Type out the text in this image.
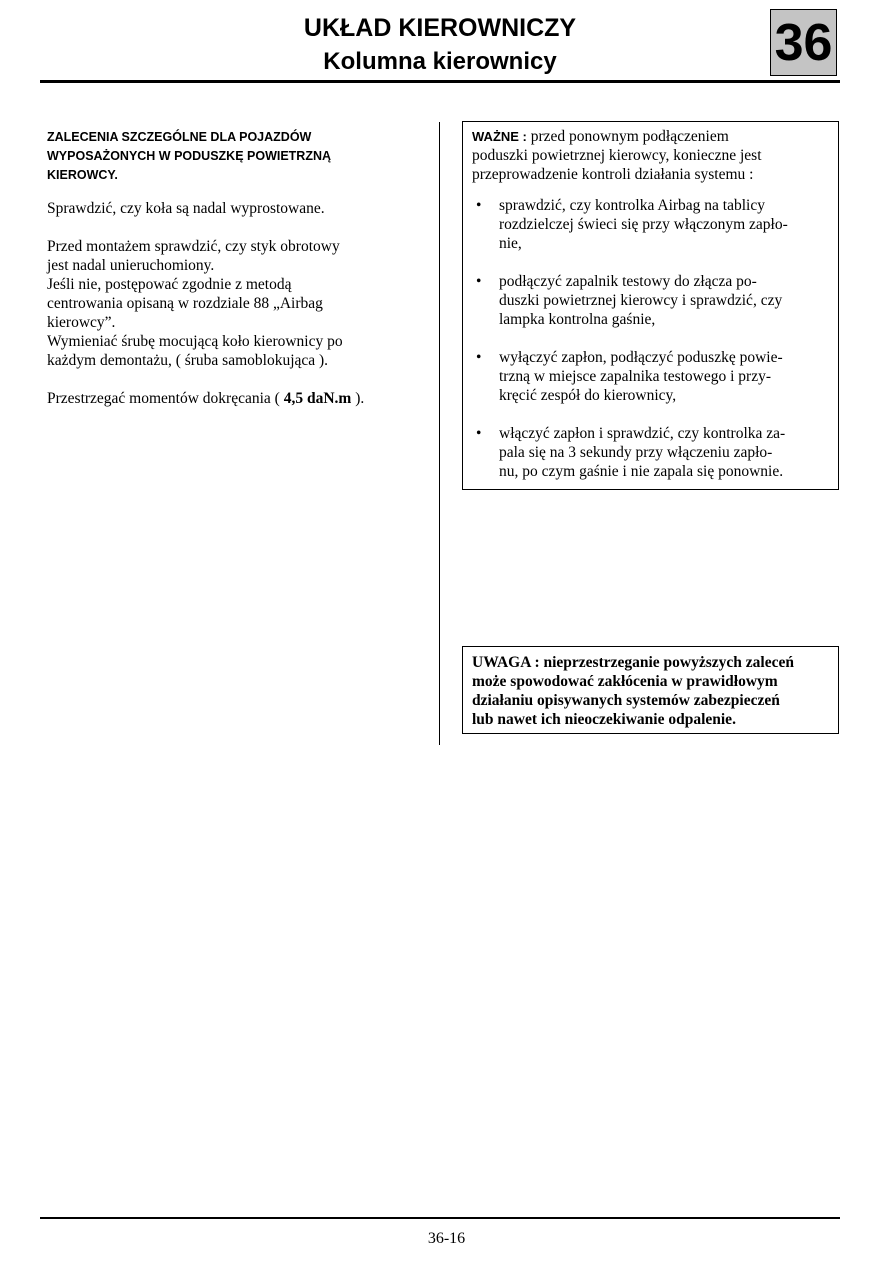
UKŁAD KIEROWNICZY
Kolumna kierownicy	36
ZALECENIA SZCZEGÓLNE DLA POJAZDÓW
WYPOSAŻONYCH W PODUSZKĘ POWIETRZNĄ
KIEROWCY.
Sprawdzić, czy koła są nadal wyprostowane.
Przed montażem sprawdzić, czy styk obrotowy
jest nadal unieruchomiony.
Jeśli nie, postępować zgodnie z metodą
centrowania opisaną w rozdziale 88 „Airbag
kierowcy”.
Wymieniać śrubę mocującą koło kierownicy po
każdym demontażu, ( śruba samoblokująca ).
Przestrzegać momentów dokręcania ( 4,5 daN.m ).
WAŻNE : przed ponownym podłączeniem
poduszki powietrznej kierowcy, konieczne jest
przeprowadzenie kontroli działania systemu :
• sprawdzić, czy kontrolka Airbag na tablicy
rozdzielczej świeci się przy włączonym zapło-
nie,
• podłączyć zapalnik testowy do złącza po-
duszki powietrznej kierowcy i sprawdzić, czy
lampka kontrolna gaśnie,
• wyłączyć zapłon, podłączyć poduszkę powie-
trzną w miejsce zapalnika testowego i przy-
kręcić zespół do kierownicy,
• włączyć zapłon i sprawdzić, czy kontrolka za-
pala się na 3 sekundy przy włączeniu zapło-
nu, po czym gaśnie i nie zapala się ponownie.
UWAGA : nieprzestrzeganie powyższych zaleceń
może spowodować zakłócenia w prawidłowym
działaniu opisywanych systemów zabezpieczeń
lub nawet ich nieoczekiwanie odpalenie.
36-16
